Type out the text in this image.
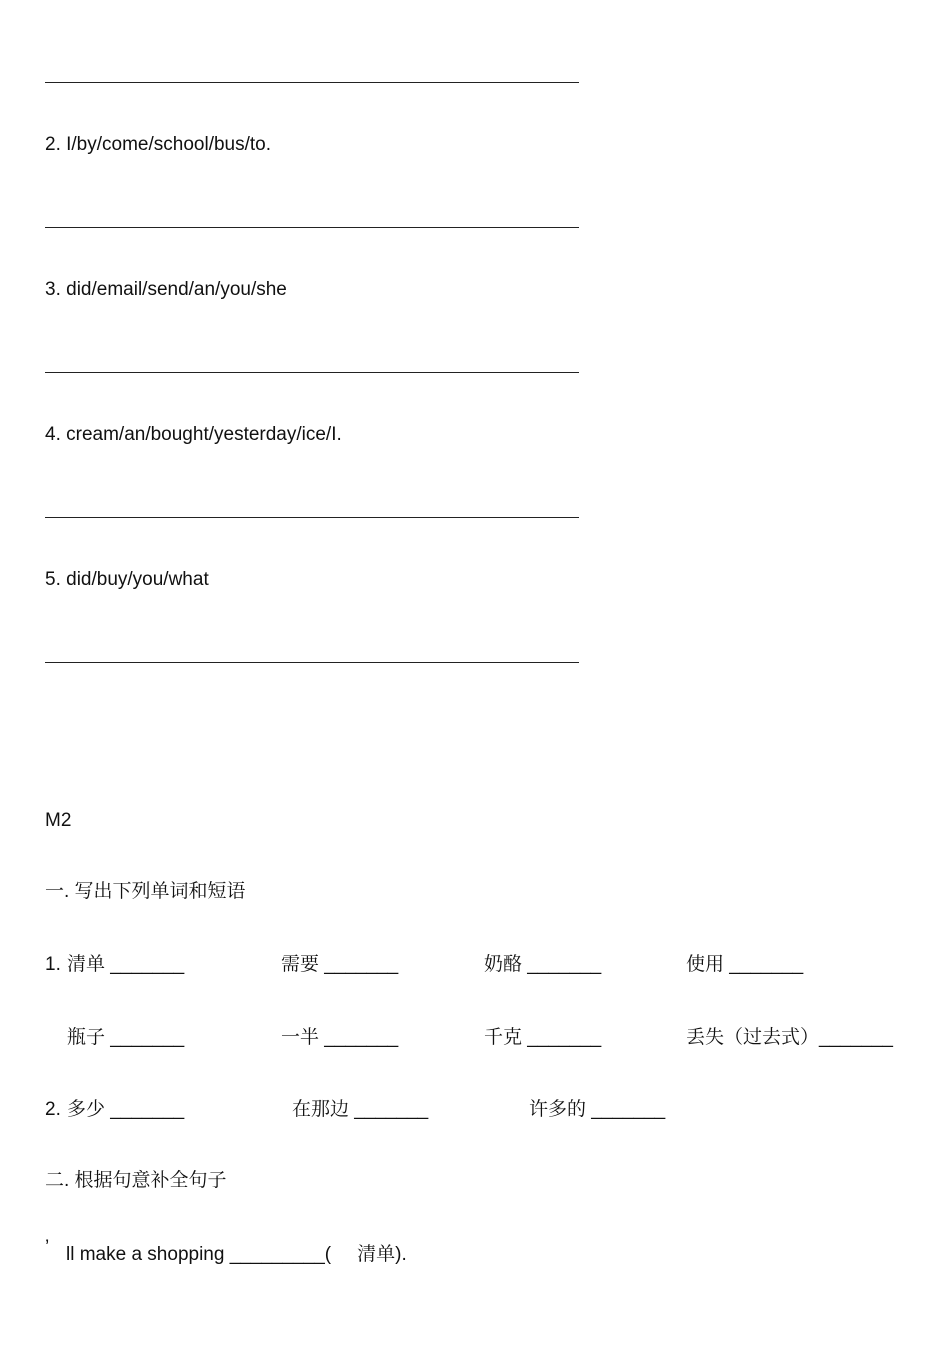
2. I/by/come/school/bus/to.
3. did/email/send/an/you/she
4. cream/an/bought/yesterday/ice/I.
5. did/buy/you/what
M2
一. 写出下列单词和短语
1. 清单 _______	需要 _______	奶酪 _______	使用 _______
瓶子 _______	一半 _______	千克 _______	丢失（过去式）_______
2. 多少 _______	在那边 _______	许多的 _______
二. 根据句意补全句子
’ ll make a shopping _________( 清单).
